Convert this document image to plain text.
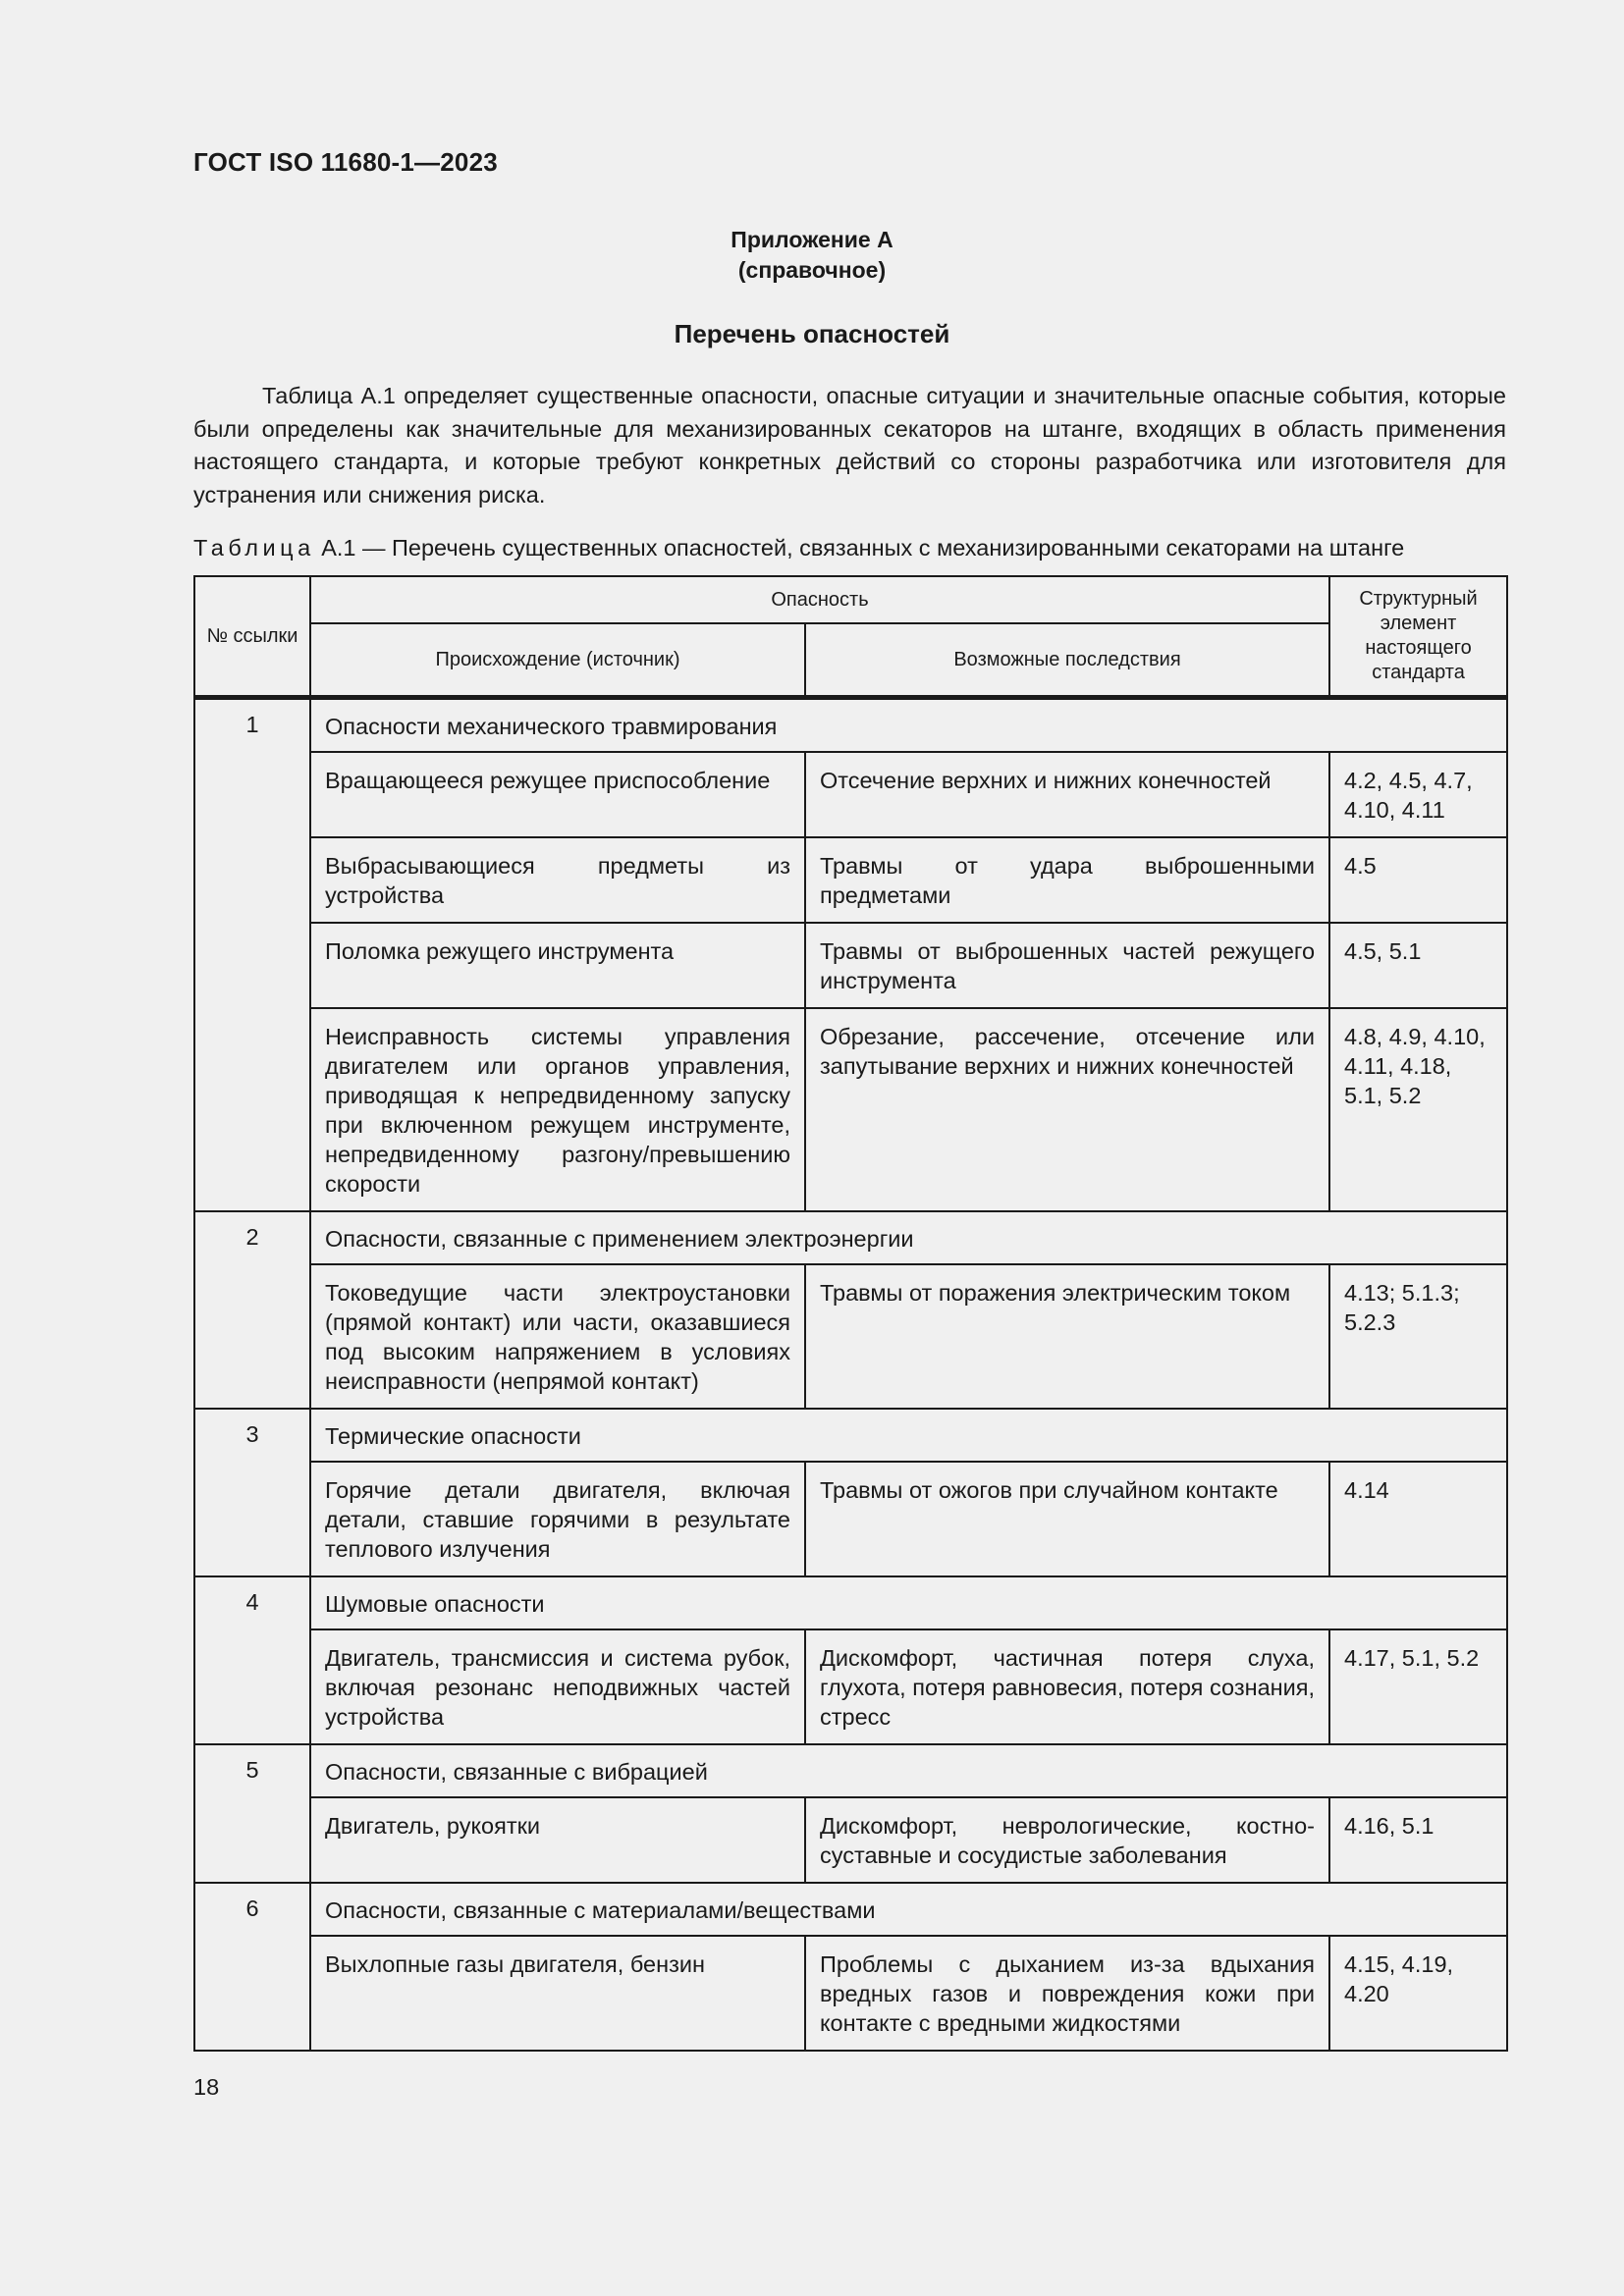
ГОСТ ISO 11680-1—2023
Приложение А
(справочное)
Перечень опасностей

Таблица А.1 определяет существенные опасности, опасные ситуации и значительные опасные события, которые были определены как значительные для механизированных секаторов на штанге, входящих в область применения настоящего стандарта, и которые требуют конкретных действий со стороны разработчика или изготовителя для устранения или снижения риска.

Таблица А.1 — Перечень существенных опасностей, связанных с механизированными секаторами на штанге
№ ссылки	Опасность		Структурный элемент настоящего стандарта
	Происхождение (источник)	Возможные последствия	
1	Опасности механического травмирования		
	Вращающееся режущее приспособление	Отсечение верхних и нижних конечностей	4.2, 4.5, 4.7, 4.10, 4.11
	Выбрасывающиеся предметы из устройства	Травмы от удара выброшенными предметами	4.5
	Поломка режущего инструмента	Травмы от выброшенных частей режущего инструмента	4.5, 5.1
	Неисправность системы управления двигателем или органов управления, приводящая к непредвиденному запуску при включенном режущем инструменте, непредвиденному разгону/превышению скорости	Обрезание, рассечение, отсечение или запутывание верхних и нижних конечностей	4.8, 4.9, 4.10, 4.11, 4.18, 5.1, 5.2
2	Опасности, связанные с применением электроэнергии		
	Токоведущие части электроустановки (прямой контакт) или части, оказавшиеся под высоким напряжением в условиях неисправности (непрямой контакт)	Травмы от поражения электрическим током	4.13; 5.1.3; 5.2.3
3	Термические опасности		
	Горячие детали двигателя, включая детали, ставшие горячими в результате теплового излучения	Травмы от ожогов при случайном контакте	4.14
4	Шумовые опасности		
	Двигатель, трансмиссия и система рубок, включая резонанс неподвижных частей устройства	Дискомфорт, частичная потеря слуха, глухота, потеря равновесия, потеря сознания, стресс	4.17, 5.1, 5.2
5	Опасности, связанные с вибрацией		
	Двигатель, рукоятки	Дискомфорт, неврологические, костно-суставные и сосудистые заболевания	4.16, 5.1
6	Опасности, связанные с материалами/веществами		
	Выхлопные газы двигателя, бензин	Проблемы с дыханием из-за вдыхания вредных газов и повреждения кожи при контакте с вредными жидкостями	4.15, 4.19, 4.20
18
